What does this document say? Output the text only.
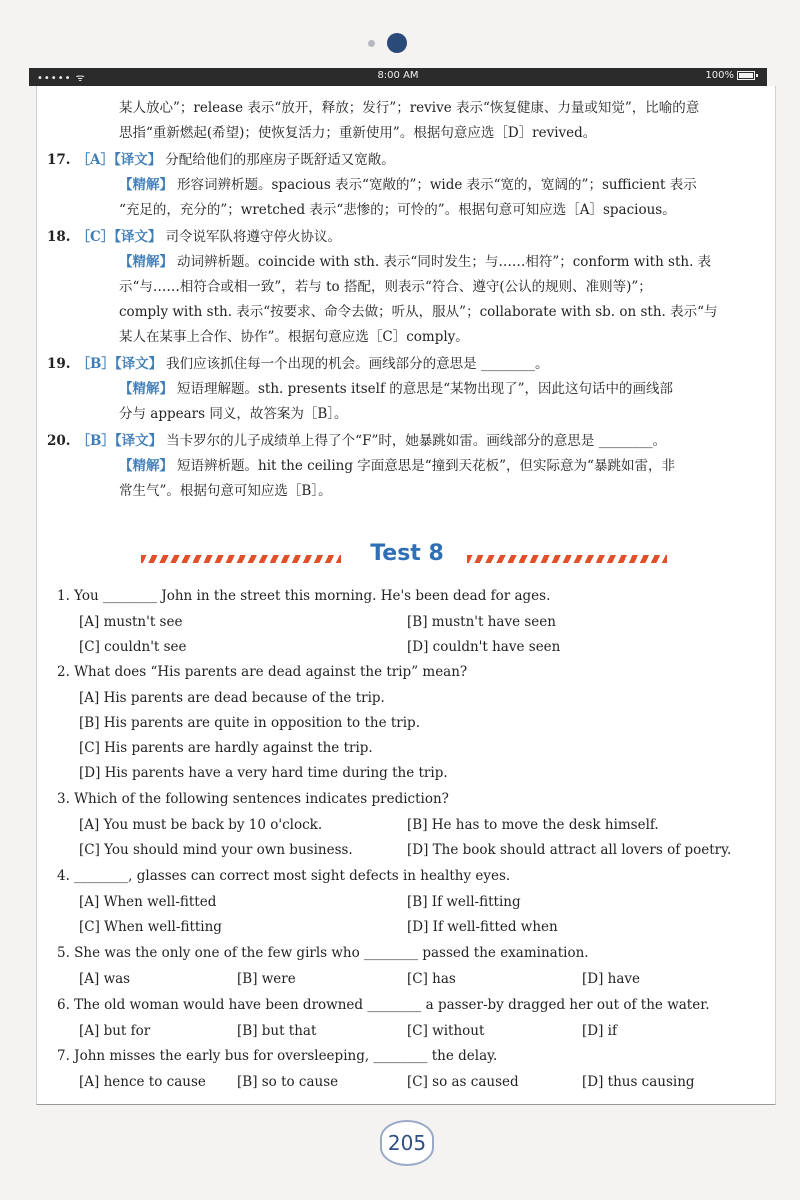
••••• ᯤ	8:00 AM	100%
某人放心”；release 表示“放开，释放；发行”；revive 表示“恢复健康、力量或知觉”，比喻的意
思指“重新燃起(希望)；使恢复活力；重新使用”。根据句意应选［D］revived。
17. ［A］【译文】 分配给他们的那座房子既舒适又宽敞。
【精解】 形容词辨析题。spacious 表示“宽敞的”；wide 表示“宽的，宽阔的”；sufficient 表示
“充足的，充分的”；wretched 表示“悲惨的；可怜的”。根据句意可知应选［A］spacious。
18. ［C］【译文】 司令说军队将遵守停火协议。
【精解】 动词辨析题。coincide with sth. 表示“同时发生；与……相符”；conform with sth. 表
示“与……相符合或相一致”，若与 to 搭配，则表示“符合、遵守(公认的规则、准则等)”；
comply with sth. 表示“按要求、命令去做；听从，服从”；collaborate with sb. on sth. 表示“与
某人在某事上合作、协作”。根据句意应选［C］comply。
19. ［B］【译文】 我们应该抓住每一个出现的机会。画线部分的意思是 ________。
【精解】 短语理解题。sth. presents itself 的意思是“某物出现了”，因此这句话中的画线部
分与 appears 同义，故答案为［B］。
20. ［B］【译文】 当卡罗尔的儿子成绩单上得了个“F”时，她暴跳如雷。画线部分的意思是 ________。
【精解】 短语辨析题。hit the ceiling 字面意思是“撞到天花板”，但实际意为“暴跳如雷，非
常生气”。根据句意可知应选［B］。
Test 8
1. You ________ John in the street this morning. He's been dead for ages.
[A] mustn't see	[B] mustn't have seen
[C] couldn't see	[D] couldn't have seen
2. What does “His parents are dead against the trip” mean?
[A] His parents are dead because of the trip.
[B] His parents are quite in opposition to the trip.
[C] His parents are hardly against the trip.
[D] His parents have a very hard time during the trip.
3. Which of the following sentences indicates prediction?
[A] You must be back by 10 o'clock.	[B] He has to move the desk himself.
[C] You should mind your own business.	[D] The book should attract all lovers of poetry.
4. ________, glasses can correct most sight defects in healthy eyes.
[A] When well-fitted	[B] If well-fitting
[C] When well-fitting	[D] If well-fitted when
5. She was the only one of the few girls who ________ passed the examination.
[A] was	[B] were	[C] has	[D] have
6. The old woman would have been drowned ________ a passer-by dragged her out of the water.
[A] but for	[B] but that	[C] without	[D] if
7. John misses the early bus for oversleeping, ________ the delay.
[A] hence to cause [B] so to cause	[C] so as caused	[D] thus causing
205
